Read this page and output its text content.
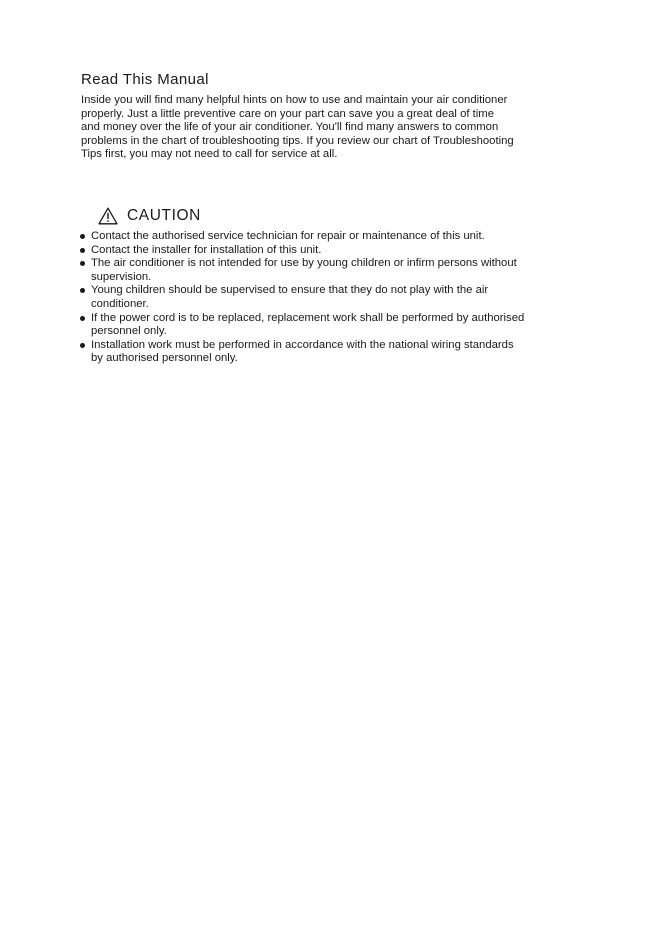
Read This Manual

Inside you will find many helpful hints on how to use and maintain your air conditioner
properly. Just a little preventive care on your part can save you a great deal of time
and money over the life of your air conditioner. You'll find many answers to common
problems in the chart of troubleshooting tips. If you review our chart of Troubleshooting
Tips first, you may not need to call for service at all.

CAUTION
Contact the authorised service technician for repair or maintenance of this unit.
Contact the installer for installation of this unit.
The air conditioner is not intended for use by young children or infirm persons without
supervision.
Young children should be supervised to ensure that they do not play with the air
conditioner.
If the power cord is to be replaced, replacement work shall be performed by authorised
personnel only.
Installation work must be performed in accordance with the national wiring standards
by authorised personnel only.
